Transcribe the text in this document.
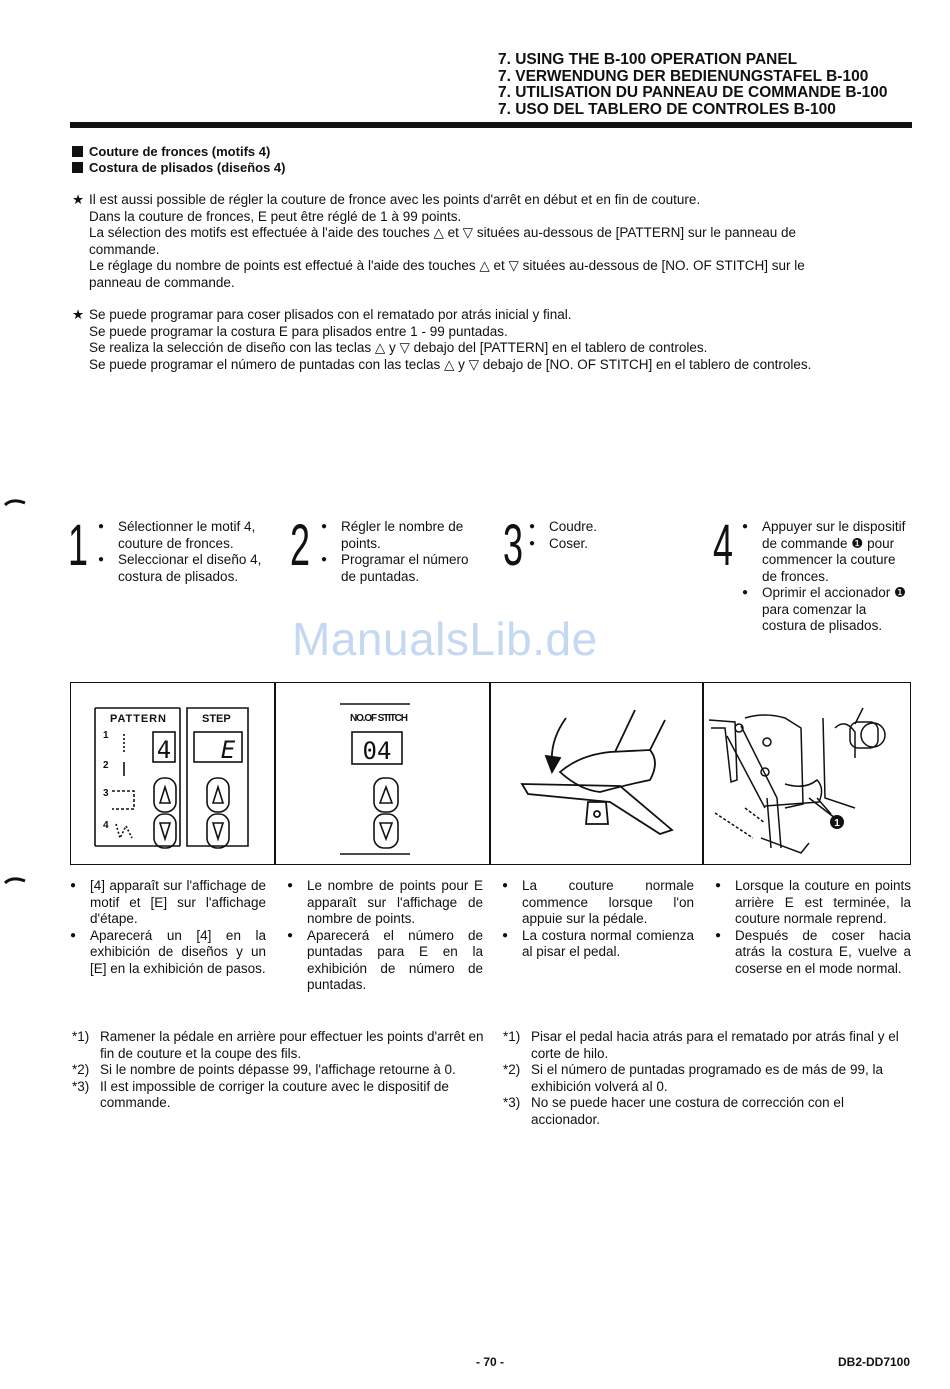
7. USING THE B-100 OPERATION PANEL
7. VERWENDUNG DER BEDIENUNGSTAFEL B-100
7. UTILISATION DU PANNEAU DE COMMANDE B-100
7. USO DEL TABLERO DE CONTROLES B-100
Couture de fronces (motifs 4)
Costura de plisados (diseños 4)
★ Il est aussi possible de régler la couture de fronce avec les points d'arrêt en début et en fin de couture.
Dans la couture de fronces, E peut être réglé de 1 à 99 points.
La sélection des motifs est effectuée à l'aide des touches △ et ▽ situées au-dessous de [PATTERN] sur le panneau de
commande.
Le réglage du nombre de points est effectué à l'aide des touches △ et ▽ situées au-dessous de [NO. OF STITCH] sur le
panneau de commande.
★ Se puede programar para coser plisados con el rematado por atrás inicial y final.
Se puede programar la costura E para plisados entre 1 - 99 puntadas.
Se realiza la selección de diseño con las teclas △ y ▽ debajo del [PATTERN] en el tablero de controles.
Se puede programar el número de puntadas con las teclas △ y ▽ debajo de [NO. OF STITCH] en el tablero de controles.
ManualsLib.de
1	● Sélectionner le motif 4, couture de fronces.
● Seleccionar el diseño 4, costura de plisados. 2	● Régler le nombre de points.
● Programar el número de puntadas.	3	● Coudre.
● Coser.	4	● Appuyer sur le dispositif de commande ❶ pour commencer la couture de fronces.
● Oprimir el accionador ❶ para comenzar la costura de plisados.
PATTERN	STEP
1
2
3
4
4 E
NO.OF STITCH
04
1
● [4] apparaît sur l'affichage de motif et [E] sur l'affichage d'étape.
● Aparecerá un [4] en la exhibición de diseños y un [E] en la exhibición de pasos.
● Le nombre de points pour E apparaît sur l'affichage de nombre de points.
● Aparecerá el número de puntadas para E en la exhibición de número de puntadas.
● La couture normale commence lorsque l'on appuie sur la pédale.
● La costura normal comienza al pisar el pedal.
● Lorsque la couture en points arrière E est terminée, la couture normale reprend.
● Después de coser hacia atrás la costura E, vuelve a coserse en el mode normal.
*1) Ramener la pédale en arrière pour effectuer les points d'arrêt en fin de couture et la coupe des fils.
*2) Si le nombre de points dépasse 99, l'affichage retourne à 0.
*3) Il est impossible de corriger la couture avec le dispositif de commande.
*1) Pisar el pedal hacia atrás para el rematado por atrás final y el corte de hilo.
*2) Si el número de puntadas programado es de más de 99, la exhibición volverá al 0.
*3) No se puede hacer une costura de corrección con el accionador.
- 70 -	DB2-DD7100
